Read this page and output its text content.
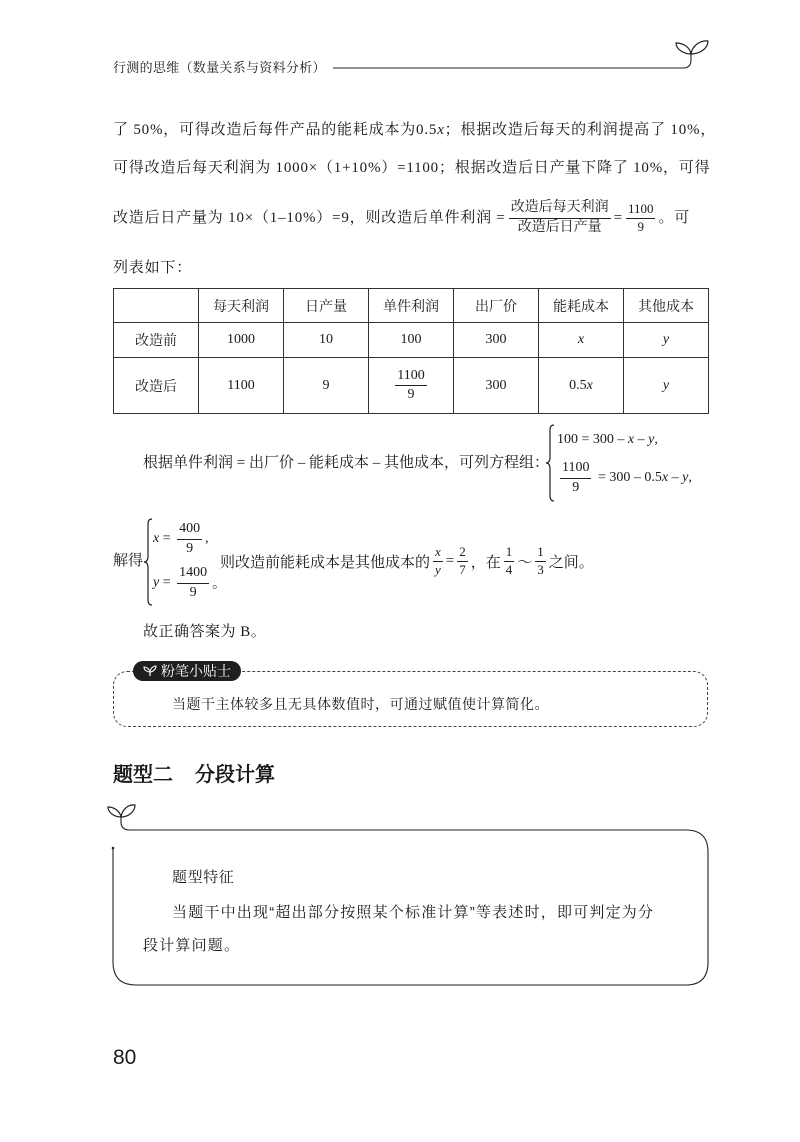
行测的思维（数量关系与资料分析）
了 50%，可得改造后每件产品的能耗成本为0.5x；根据改造后每天的利润提高了 10%，
可得改造后每天利润为 1000×（1+10%）=1100；根据改造后日产量下降了 10%，可得
改造后日产量为 10×（1–10%）=9，则改造后单件利润 = $\frac{\text{改造后每天利润}}{\text{改造后日产量}} = \frac{1100}{9}$ 。可
列表如下：
	每天利润	日产量	单件利润	出厂价	能耗成本	其他成本
改造前	1000	10	100	300	x	y
改造后	1100	9	$\frac{1100}{9}$	300	0.5x	y
根据单件利润 = 出厂价 – 能耗成本 – 其他成本，可列方程组：
100 = 300 – x – y,
$\frac{1100}{9} = 300 - 0.5$ x – y ,
解得
$x = \frac{400}{9}$ ,
$y = \frac{1400}{9}$ 。
则改造前能耗成本是其他成本的 $\frac{x}{y} = \frac{2}{7}$ ，在 $\frac{1}{4}$ ～ $\frac{1}{3}$ 之间。
故正确答案为 B。
粉笔小贴士
当题干主体较多且无具体数值时，可通过赋值使计算简化。
题型二 分段计算
题型特征
当题干中出现“超出部分按照某个标准计算”等表述时，即可判定为分
段计算问题。
80
